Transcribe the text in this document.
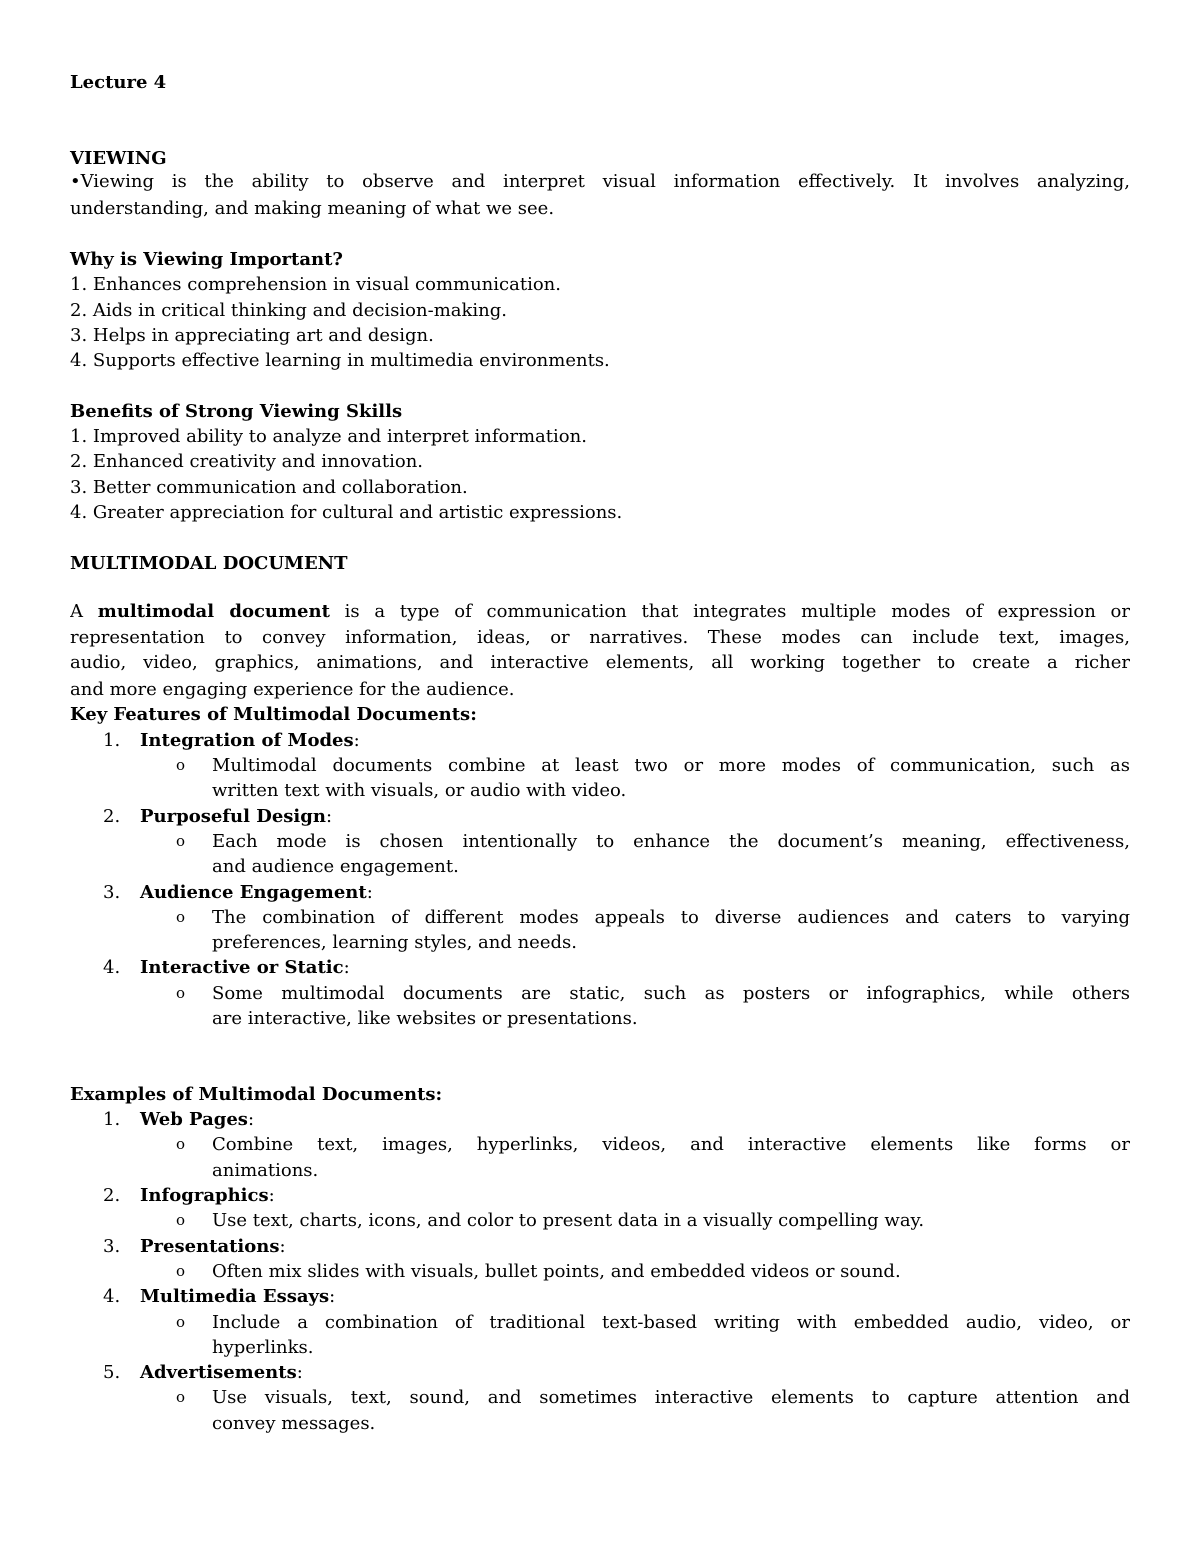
Lecture 4
VIEWING
•Viewing is the ability to observe and interpret visual information effectively. It involves analyzing,
understanding, and making meaning of what we see.
Why is Viewing Important?
1. Enhances comprehension in visual communication.
2. Aids in critical thinking and decision-making.
3. Helps in appreciating art and design.
4. Supports effective learning in multimedia environments.
Benefits of Strong Viewing Skills
1. Improved ability to analyze and interpret information.
2. Enhanced creativity and innovation.
3. Better communication and collaboration.
4. Greater appreciation for cultural and artistic expressions.
MULTIMODAL DOCUMENT
A multimodal document is a type of communication that integrates multiple modes of expression or
representation to convey information, ideas, or narratives. These modes can include text, images,
audio, video, graphics, animations, and interactive elements, all working together to create a richer
and more engaging experience for the audience.
Key Features of Multimodal Documents:
1. Integration of Modes:
o Multimodal documents combine at least two or more modes of communication, such as
written text with visuals, or audio with video.
2. Purposeful Design:
o Each mode is chosen intentionally to enhance the document’s meaning, effectiveness,
and audience engagement.
3. Audience Engagement:
o The combination of different modes appeals to diverse audiences and caters to varying
preferences, learning styles, and needs.
4. Interactive or Static:
o Some multimodal documents are static, such as posters or infographics, while others
are interactive, like websites or presentations.
Examples of Multimodal Documents:
1. Web Pages:
o Combine text, images, hyperlinks, videos, and interactive elements like forms or
animations.
2. Infographics:
o Use text, charts, icons, and color to present data in a visually compelling way.
3. Presentations:
o Often mix slides with visuals, bullet points, and embedded videos or sound.
4. Multimedia Essays:
o Include a combination of traditional text-based writing with embedded audio, video, or
hyperlinks.
5. Advertisements:
o Use visuals, text, sound, and sometimes interactive elements to capture attention and
convey messages.
